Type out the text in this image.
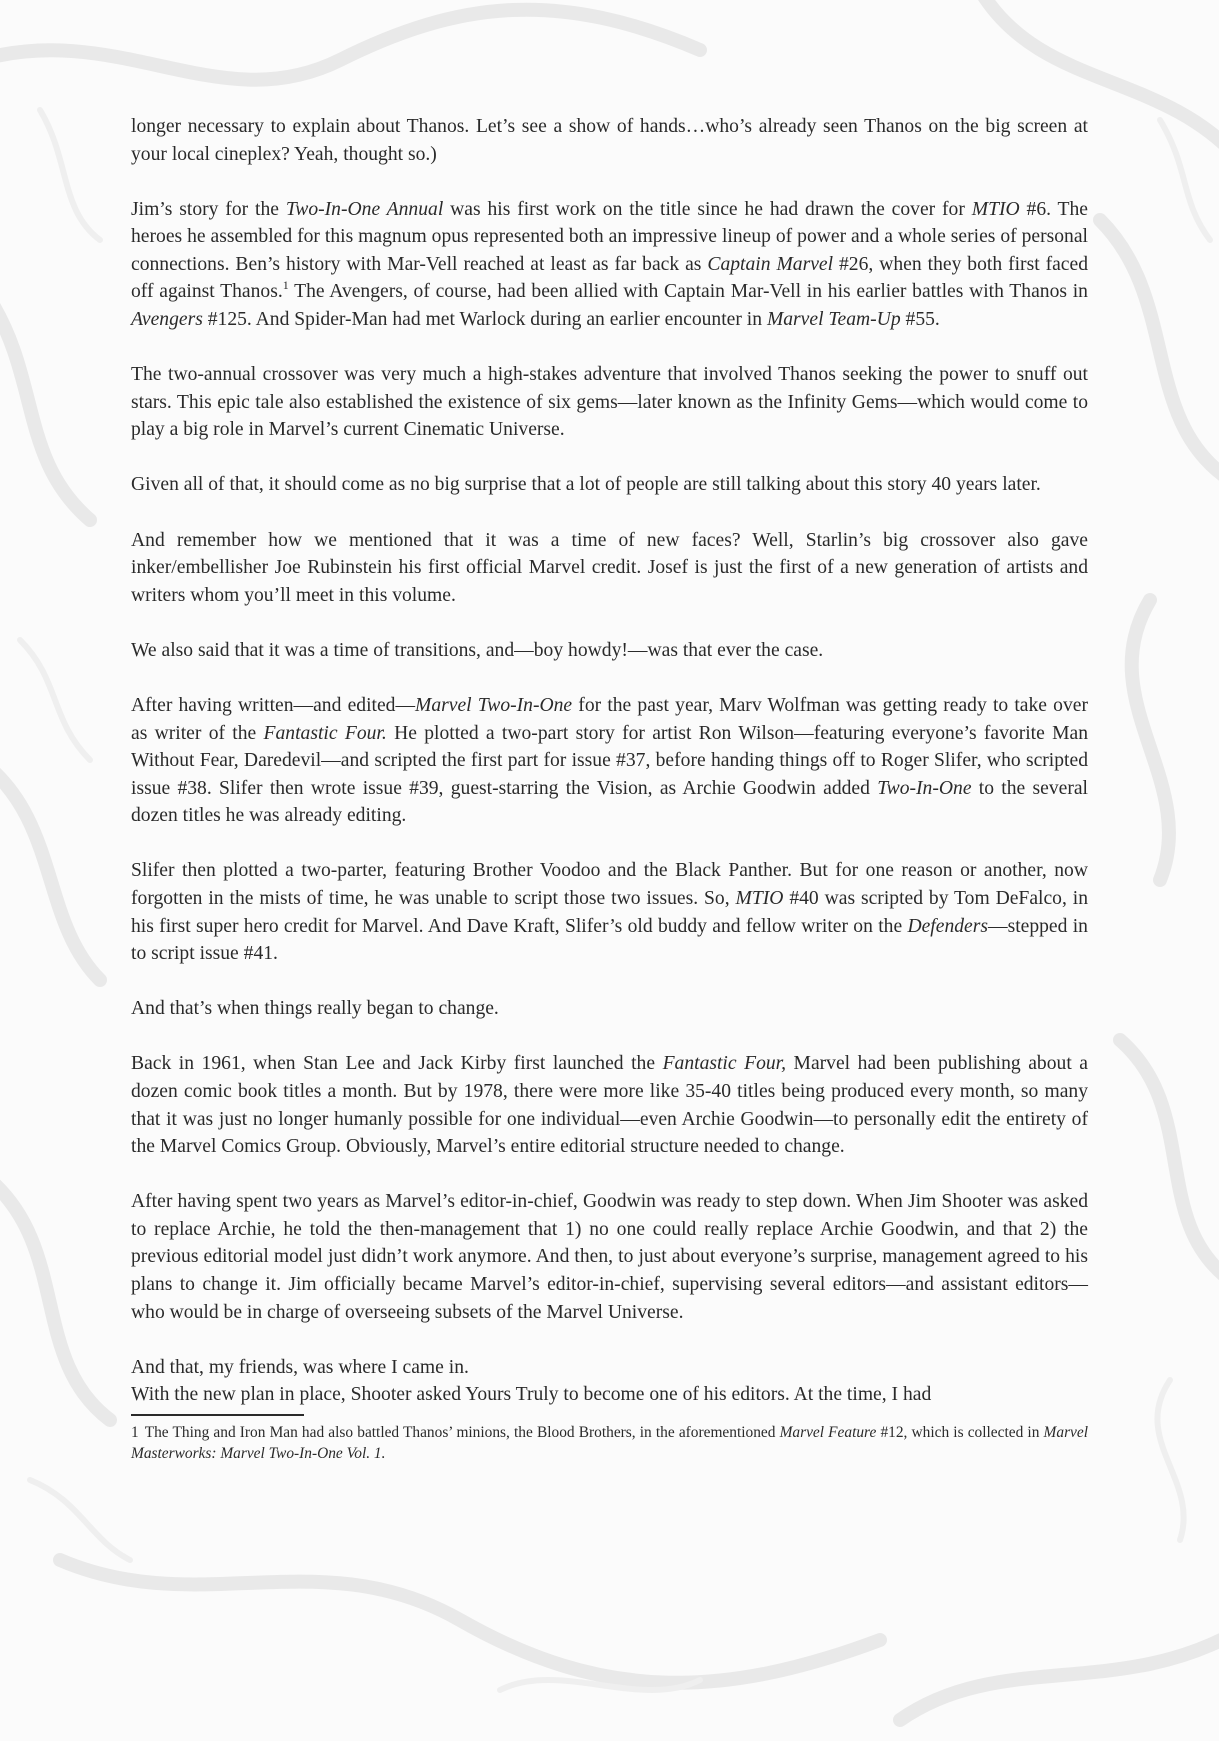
longer necessary to explain about Thanos. Let’s see a show of hands…who’s already seen Thanos on the big screen at your local cineplex? Yeah, thought so.)

Jim’s story for the Two-In-One Annual was his first work on the title since he had drawn the cover for MTIO #6. The heroes he assembled for this magnum opus represented both an impressive lineup of power and a whole series of personal connections. Ben’s history with Mar-Vell reached at least as far back as Captain Marvel #26, when they both first faced off against Thanos.$^1$ The Avengers, of course, had been allied with Captain Mar-Vell in his earlier battles with Thanos in Avengers #125. And Spider-Man had met Warlock during an earlier encounter in Marvel Team-Up #55.

The two-annual crossover was very much a high-stakes adventure that involved Thanos seeking the power to snuff out stars. This epic tale also established the existence of six gems—later known as the Infinity Gems—which would come to play a big role in Marvel’s current Cinematic Universe.

Given all of that, it should come as no big surprise that a lot of people are still talking about this story 40 years later.

And remember how we mentioned that it was a time of new faces? Well, Starlin’s big crossover also gave inker/embellisher Joe Rubinstein his first official Marvel credit. Josef is just the first of a new generation of artists and writers whom you’ll meet in this volume.

We also said that it was a time of transitions, and—boy howdy!—was that ever the case.

After having written—and edited—Marvel Two-In-One for the past year, Marv Wolfman was getting ready to take over as writer of the Fantastic Four. He plotted a two-part story for artist Ron Wilson—featuring everyone’s favorite Man Without Fear, Daredevil—and scripted the first part for issue #37, before handing things off to Roger Slifer, who scripted issue #38. Slifer then wrote issue #39, guest-starring the Vision, as Archie Goodwin added Two-In-One to the several dozen titles he was already editing.

Slifer then plotted a two-parter, featuring Brother Voodoo and the Black Panther. But for one reason or another, now forgotten in the mists of time, he was unable to script those two issues. So, MTIO #40 was scripted by Tom DeFalco, in his first super hero credit for Marvel. And Dave Kraft, Slifer’s old buddy and fellow writer on the Defenders—stepped in to script issue #41.

And that’s when things really began to change.

Back in 1961, when Stan Lee and Jack Kirby first launched the Fantastic Four, Marvel had been publishing about a dozen comic book titles a month. But by 1978, there were more like 35-40 titles being produced every month, so many that it was just no longer humanly possible for one individual—even Archie Goodwin—to personally edit the entirety of the Marvel Comics Group. Obviously, Marvel’s entire editorial structure needed to change.

After having spent two years as Marvel’s editor-in-chief, Goodwin was ready to step down. When Jim Shooter was asked to replace Archie, he told the then-management that 1) no one could really replace Archie Goodwin, and that 2) the previous editorial model just didn’t work anymore. And then, to just about everyone’s surprise, management agreed to his plans to change it. Jim officially became Marvel’s editor-in-chief, supervising several editors—and assistant editors—who would be in charge of overseeing subsets of the Marvel Universe.

And that, my friends, was where I came in.

With the new plan in place, Shooter asked Yours Truly to become one of his editors. At the time, I had

1 The Thing and Iron Man had also battled Thanos’ minions, the Blood Brothers, in the aforementioned Marvel Feature #12, which is collected in Marvel Masterworks: Marvel Two-In-One Vol. 1.
